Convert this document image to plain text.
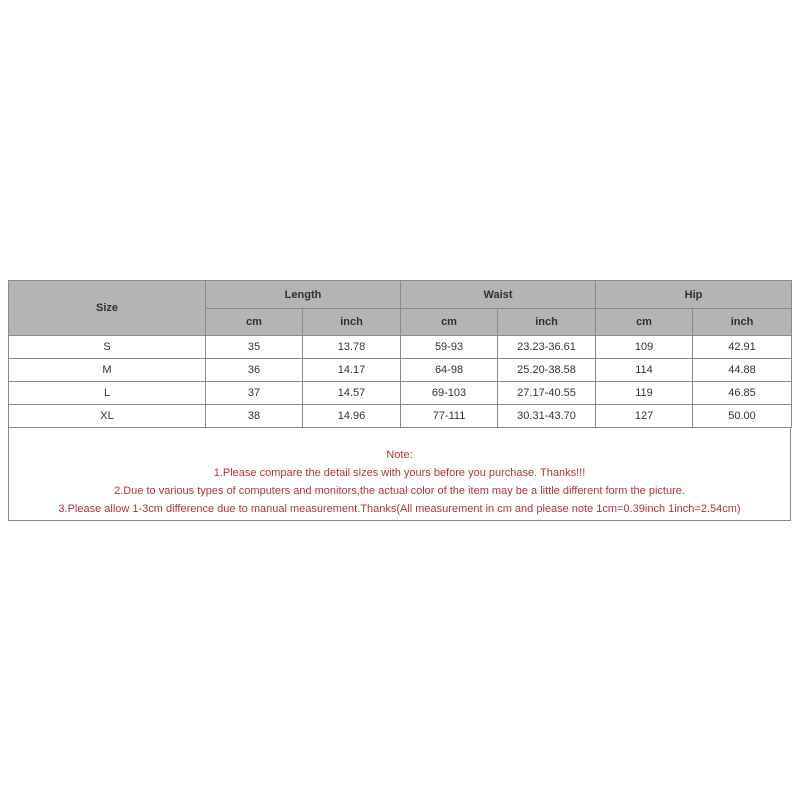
Size	Length		Waist		Hip	
	cm	inch	cm	inch	cm	inch
S	35	13.78	59-93	23.23-36.61	109	42.91
M	36	14.17	64-98	25.20-38.58	114	44.88
L	37	14.57	69-103	27.17-40.55	119	46.85
XL	38	14.96	77-111	30.31-43.70	127	50.00
Note:
1.Please compare the detail sizes with yours before you purchase. Thanks!!!
2.Due to various types of computers and monitors,the actual color of the item may be a little different form the picture.
3.Please allow 1-3cm difference due to manual measurement.Thanks(All measurement in cm and please note 1cm=0.39inch 1inch=2.54cm)
